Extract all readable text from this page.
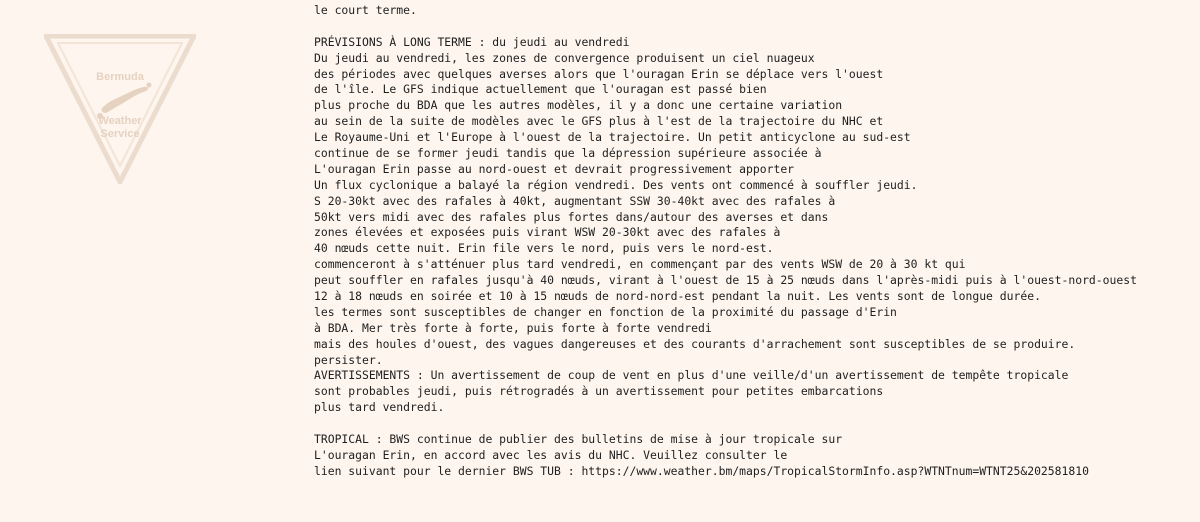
Bermuda
Weather
Service
le court terme.
PRÉVISIONS À LONG TERME : du jeudi au vendredi
Du jeudi au vendredi, les zones de convergence produisent un ciel nuageux
des périodes avec quelques averses alors que l'ouragan Erin se déplace vers l'ouest
de l'île. Le GFS indique actuellement que l'ouragan est passé bien
plus proche du BDA que les autres modèles, il y a donc une certaine variation
au sein de la suite de modèles avec le GFS plus à l'est de la trajectoire du NHC et
Le Royaume-Uni et l'Europe à l'ouest de la trajectoire. Un petit anticyclone au sud-est
continue de se former jeudi tandis que la dépression supérieure associée à
L'ouragan Erin passe au nord-ouest et devrait progressivement apporter
Un flux cyclonique a balayé la région vendredi. Des vents ont commencé à souffler jeudi.
S 20-30kt avec des rafales à 40kt, augmentant SSW 30-40kt avec des rafales à
50kt vers midi avec des rafales plus fortes dans/autour des averses et dans
zones élevées et exposées puis virant WSW 20-30kt avec des rafales à
40 nœuds cette nuit. Erin file vers le nord, puis vers le nord-est.
commenceront à s'atténuer plus tard vendredi, en commençant par des vents WSW de 20 à 30 kt qui
peut souffler en rafales jusqu'à 40 nœuds, virant à l'ouest de 15 à 25 nœuds dans l'après-midi puis à l'ouest-nord-ouest
12 à 18 nœuds en soirée et 10 à 15 nœuds de nord-nord-est pendant la nuit. Les vents sont de longue durée.
les termes sont susceptibles de changer en fonction de la proximité du passage d'Erin
à BDA. Mer très forte à forte, puis forte à forte vendredi
mais des houles d'ouest, des vagues dangereuses et des courants d'arrachement sont susceptibles de se produire.
persister.
AVERTISSEMENTS : Un avertissement de coup de vent en plus d'une veille/d'un avertissement de tempête tropicale
sont probables jeudi, puis rétrogradés à un avertissement pour petites embarcations
plus tard vendredi.
TROPICAL : BWS continue de publier des bulletins de mise à jour tropicale sur
L'ouragan Erin, en accord avec les avis du NHC. Veuillez consulter le
lien suivant pour le dernier BWS TUB : https://www.weather.bm/maps/TropicalStormInfo.asp?WTNTnum=WTNT25&202581810
